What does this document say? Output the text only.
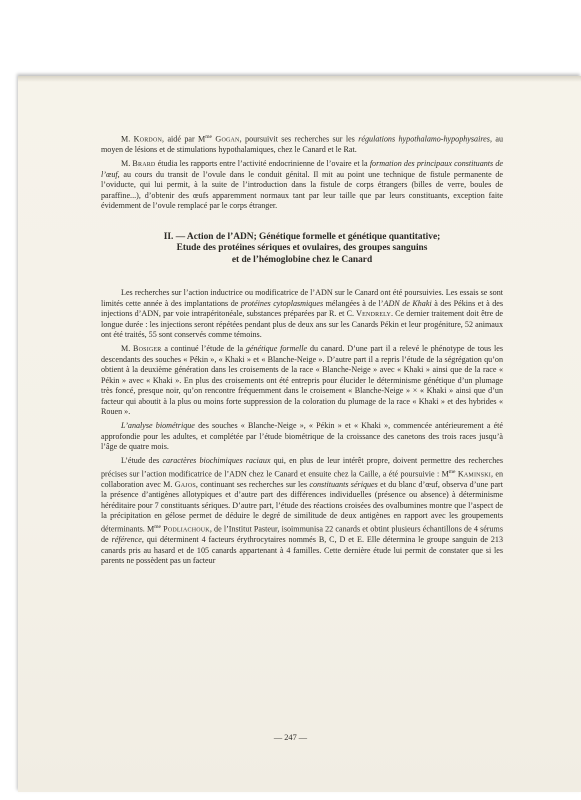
M. Kordon, aidé par $M^{me}$ Gogan, poursuivit ses recherches sur les régulations hypothalamo-hypophysaires, au moyen de lésions et de stimulations hypothalamiques, chez le Canard et le Rat.

M. Brard étudia les rapports entre l’activité endocrinienne de l’ovaire et la formation des principaux constituants de l’œuf, au cours du transit de l’ovule dans le conduit génital. Il mit au point une technique de fistule permanente de l’oviducte, qui lui permit, à la suite de l’introduction dans la fistule de corps étrangers (billes de verre, boules de paraffine...), d’obtenir des œufs apparemment normaux tant par leur taille que par leurs constituants, exception faite évidemment de l’ovule remplacé par le corps étranger.

II. — Action de l’ADN; Génétique formelle et génétique quantitative;
Etude des protéines sériques et ovulaires, des groupes sanguins
et de l’hémoglobine chez le Canard

Les recherches sur l’action inductrice ou modificatrice de l’ADN sur le Canard ont été poursuivies. Les essais se sont limités cette année à des implantations de protéines cytoplasmiques mélangées à de l’ADN de Khaki à des Pékins et à des injections d’ADN, par voie intrapéritonéale, substances préparées par R. et C. Vendrely. Ce dernier traitement doit être de longue durée : les injections seront répétées pendant plus de deux ans sur les Canards Pékin et leur progéniture, 52 animaux ont été traités, 55 sont conservés comme témoins.

M. Bosiger a continué l’étude de la génétique formelle du canard. D’une part il a relevé le phénotype de tous les descendants des souches « Pékin », « Khaki » et « Blanche-Neige ». D’autre part il a repris l’étude de la ségrégation qu’on obtient à la deuxième génération dans les croisements de la race « Blanche-Neige » avec « Khaki » ainsi que de la race « Pékin » avec « Khaki ». En plus des croisements ont été entrepris pour élucider le déterminisme génétique d’un plumage très foncé, presque noir, qu’on rencontre fréquemment dans le croisement « Blanche-Neige » × « Khaki » ainsi que d’un facteur qui aboutit à la plus ou moins forte suppression de la coloration du plumage de la race « Khaki » et des hybrides « Rouen ».

L’analyse biométrique des souches « Blanche-Neige », « Pékin » et « Khaki », commencée antérieurement a été approfondie pour les adultes, et complétée par l’étude biométrique de la croissance des canetons des trois races jusqu’à l’âge de quatre mois.

L’étude des caractères biochimiques raciaux qui, en plus de leur intérêt propre, doivent permettre des recherches précises sur l’action modificatrice de l’ADN chez le Canard et ensuite chez la Caille, a été poursuivie : $M^{me}$ Kaminski, en collaboration avec M. Gajos, continuant ses recherches sur les constituants sériques et du blanc d’œuf, observa d’une part la présence d’antigènes allotypiques et d’autre part des différences individuelles (présence ou absence) à déterminisme héréditaire pour 7 constituants sériques. D’autre part, l’étude des réactions croisées des ovalbumines montre que l’aspect de la précipitation en gélose permet de déduire le degré de similitude de deux antigènes en rapport avec les groupements déterminants. $M^{me}$ Podliachouk, de l’Institut Pasteur, isoimmunisa 22 canards et obtint plusieurs échantillons de 4 sérums de référence, qui déterminent 4 facteurs érythrocytaires nommés B, C, D et E. Elle détermina le groupe sanguin de 213 canards pris au hasard et de 105 canards appartenant à 4 familles. Cette dernière étude lui permit de constater que si les parents ne possèdent pas un facteur

— 247 —
